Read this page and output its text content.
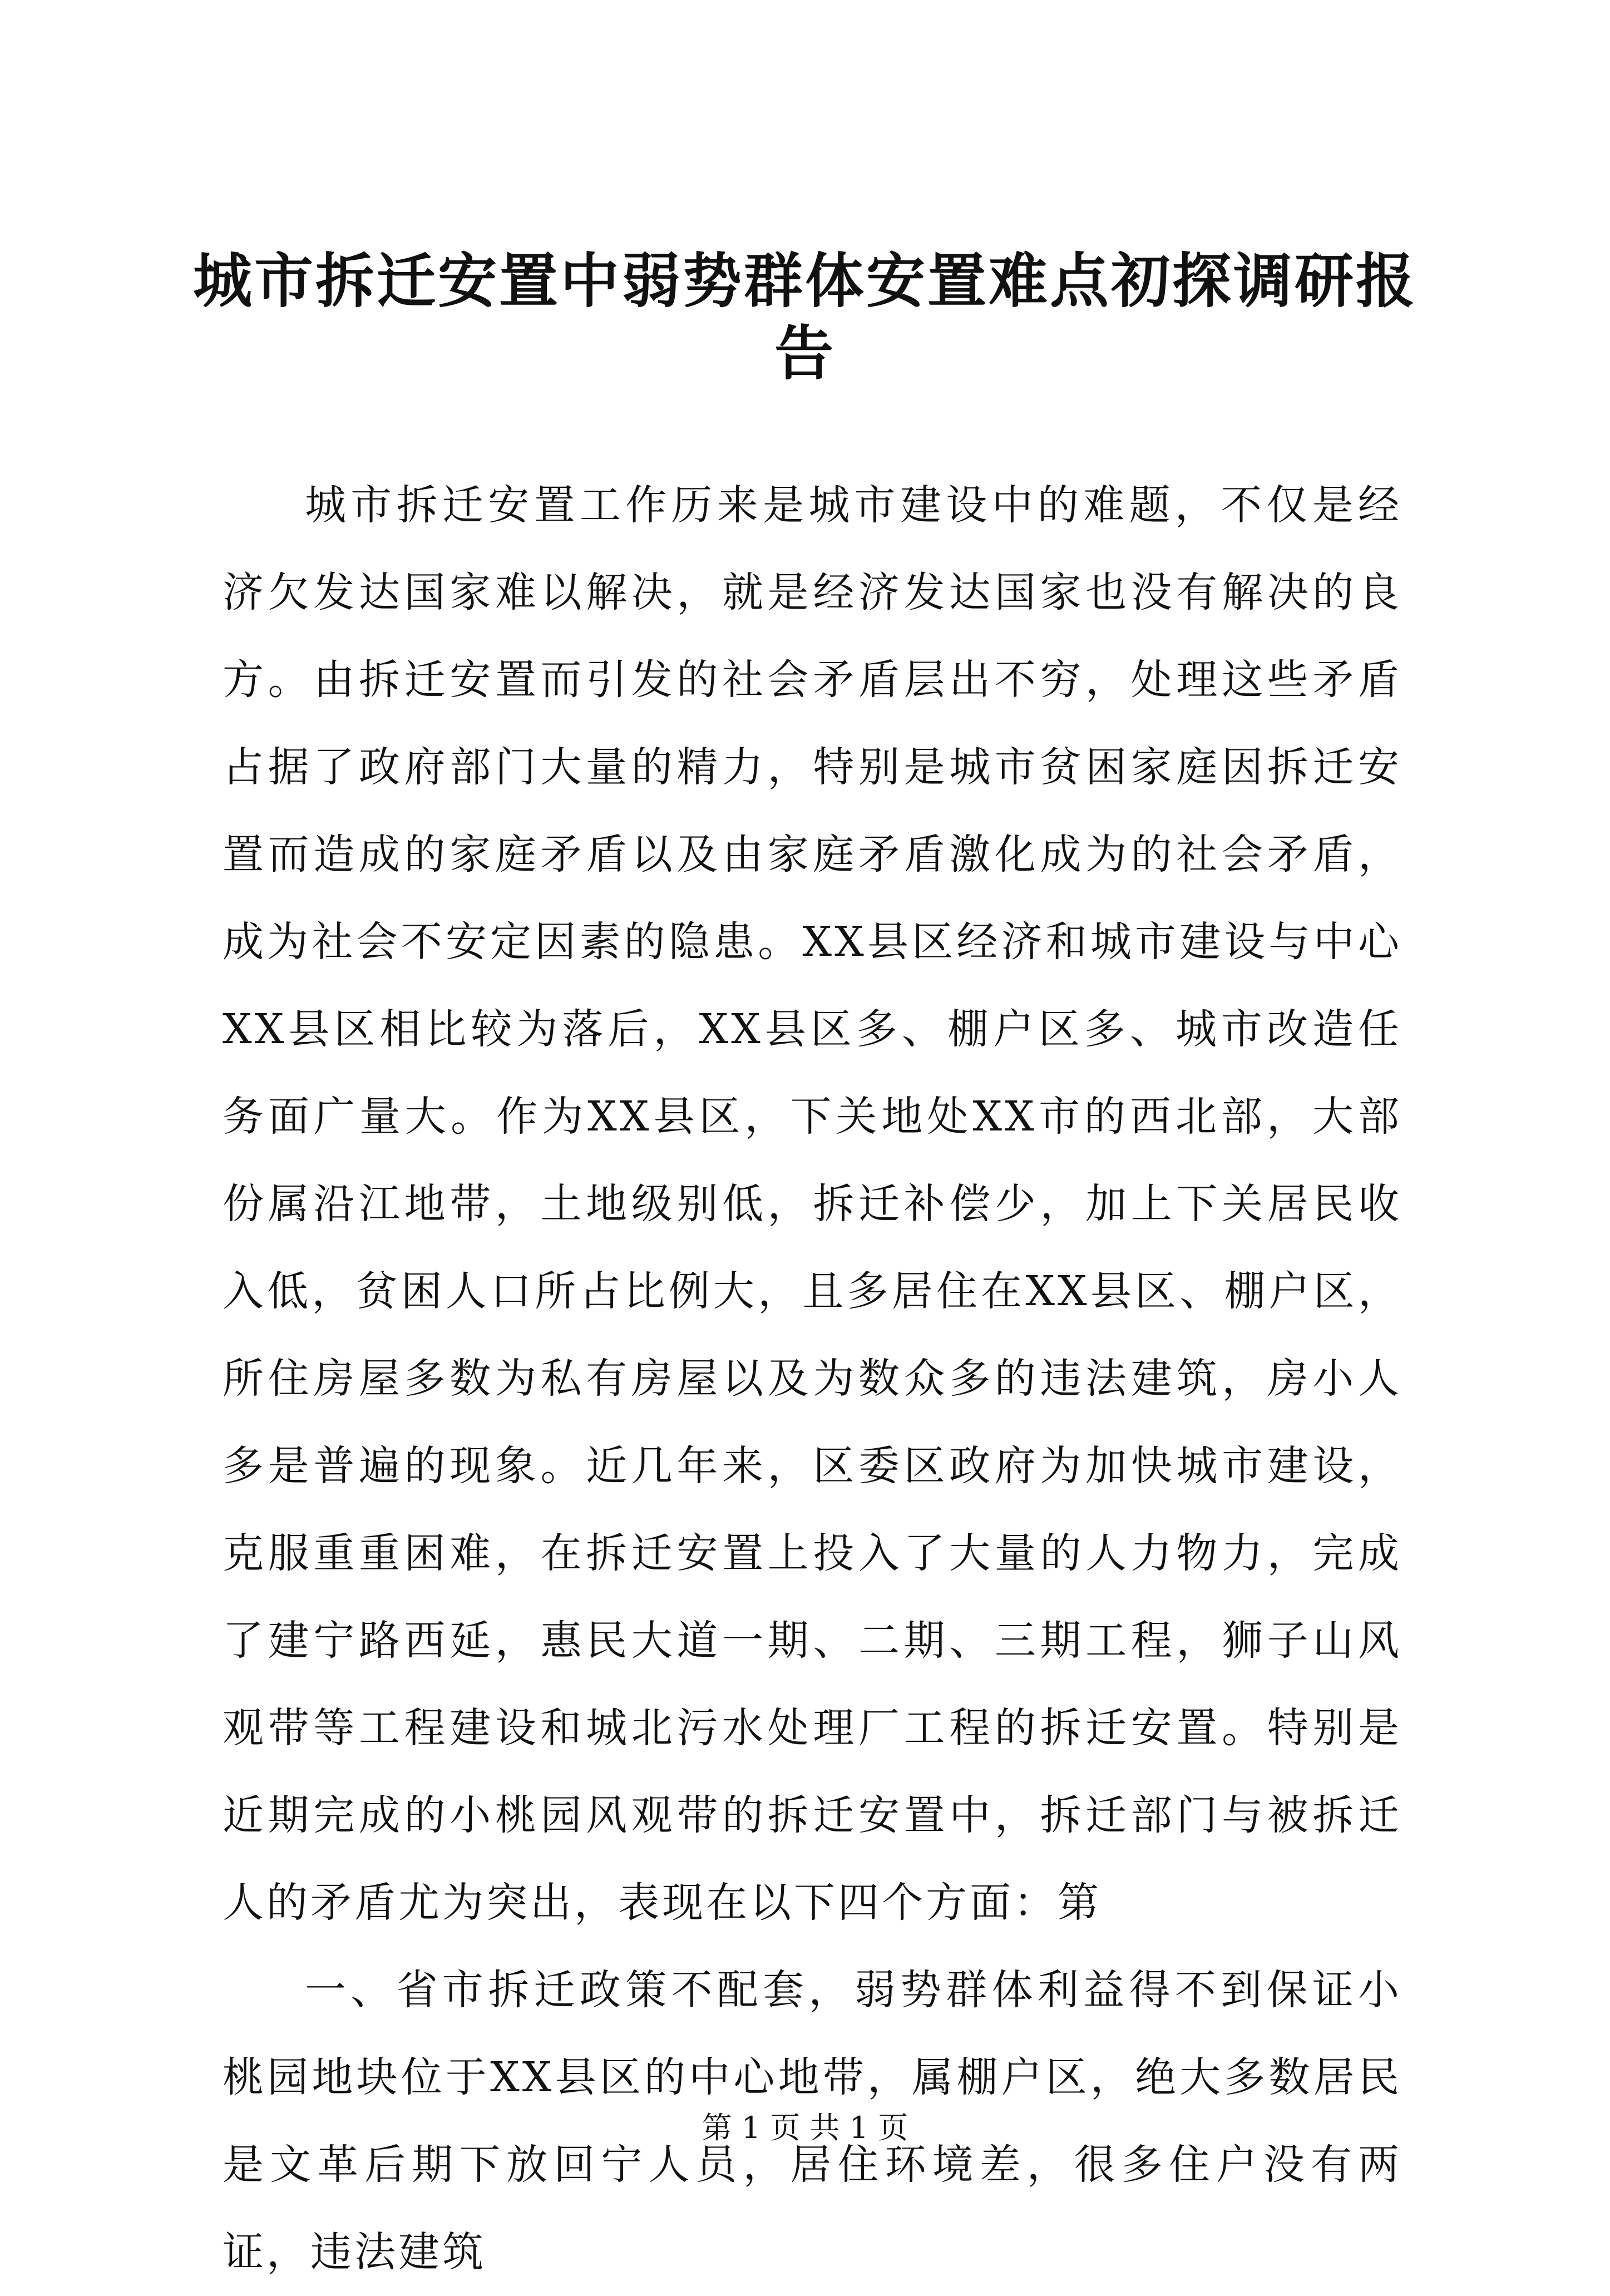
城市拆迁安置中弱势群体安置难点初探调研报告

城市拆迁安置工作历来是城市建设中的难题，不仅是经济欠发达国家难以解决，就是经济发达国家也没有解决的良方。由拆迁安置而引发的社会矛盾层出不穷，处理这些矛盾占据了政府部门大量的精力，特别是城市贫困家庭因拆迁安置而造成的家庭矛盾以及由家庭矛盾激化成为的社会矛盾，成为社会不安定因素的隐患。XX县区经济和城市建设与中心XX县区相比较为落后，XX县区多、棚户区多、城市改造任务面广量大。作为XX县区，下关地处XX市的西北部，大部份属沿江地带，土地级别低，拆迁补偿少，加上下关居民收入低，贫困人口所占比例大，且多居住在XX县区、棚户区，所住房屋多数为私有房屋以及为数众多的违法建筑，房小人多是普遍的现象。近几年来，区委区政府为加快城市建设，克服重重困难，在拆迁安置上投入了大量的人力物力，完成了建宁路西延，惠民大道一期、二期、三期工程，狮子山风观带等工程建设和城北污水处理厂工程的拆迁安置。特别是近期完成的小桃园风观带的拆迁安置中，拆迁部门与被拆迁人的矛盾尤为突出，表现在以下四个方面：第

一、省市拆迁政策不配套，弱势群体利益得不到保证小桃园地块位于XX县区的中心地带，属棚户区，绝大多数居民是文革后期下放回宁人员，居住环境差，很多住户没有两证，违法建筑

第 1 页 共 1 页
